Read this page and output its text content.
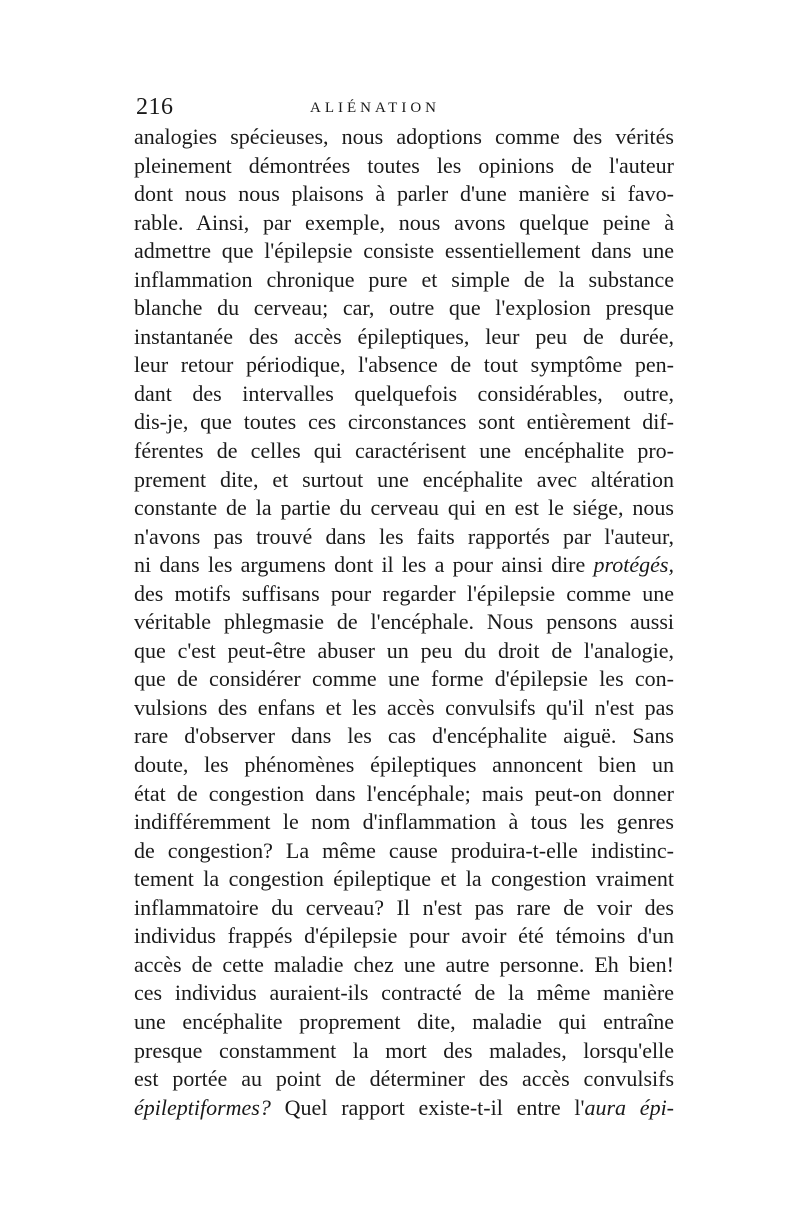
216	ALIÉNATION
analogies spécieuses, nous adoptions comme des vérités
pleinement démontrées toutes les opinions de l'auteur
dont nous nous plaisons à parler d'une manière si favo-
rable. Ainsi, par exemple, nous avons quelque peine à
admettre que l'épilepsie consiste essentiellement dans une
inflammation chronique pure et simple de la substance
blanche du cerveau; car, outre que l'explosion presque
instantanée des accès épileptiques, leur peu de durée,
leur retour périodique, l'absence de tout symptôme pen-
dant des intervalles quelquefois considérables, outre,
dis-je, que toutes ces circonstances sont entièrement dif-
férentes de celles qui caractérisent une encéphalite pro-
prement dite, et surtout une encéphalite avec altération
constante de la partie du cerveau qui en est le siége, nous
n'avons pas trouvé dans les faits rapportés par l'auteur,
ni dans les argumens dont il les a pour ainsi dire protégés,
des motifs suffisans pour regarder l'épilepsie comme une
véritable phlegmasie de l'encéphale. Nous pensons aussi
que c'est peut-être abuser un peu du droit de l'analogie,
que de considérer comme une forme d'épilepsie les con-
vulsions des enfans et les accès convulsifs qu'il n'est pas
rare d'observer dans les cas d'encéphalite aiguë. Sans
doute, les phénomènes épileptiques annoncent bien un
état de congestion dans l'encéphale; mais peut-on donner
indifféremment le nom d'inflammation à tous les genres
de congestion? La même cause produira-t-elle indistinc-
tement la congestion épileptique et la congestion vraiment
inflammatoire du cerveau? Il n'est pas rare de voir des
individus frappés d'épilepsie pour avoir été témoins d'un
accès de cette maladie chez une autre personne. Eh bien!
ces individus auraient-ils contracté de la même manière
une encéphalite proprement dite, maladie qui entraîne
presque constamment la mort des malades, lorsqu'elle
est portée au point de déterminer des accès convulsifs
épileptiformes? Quel rapport existe-t-il entre l'aura épi-
